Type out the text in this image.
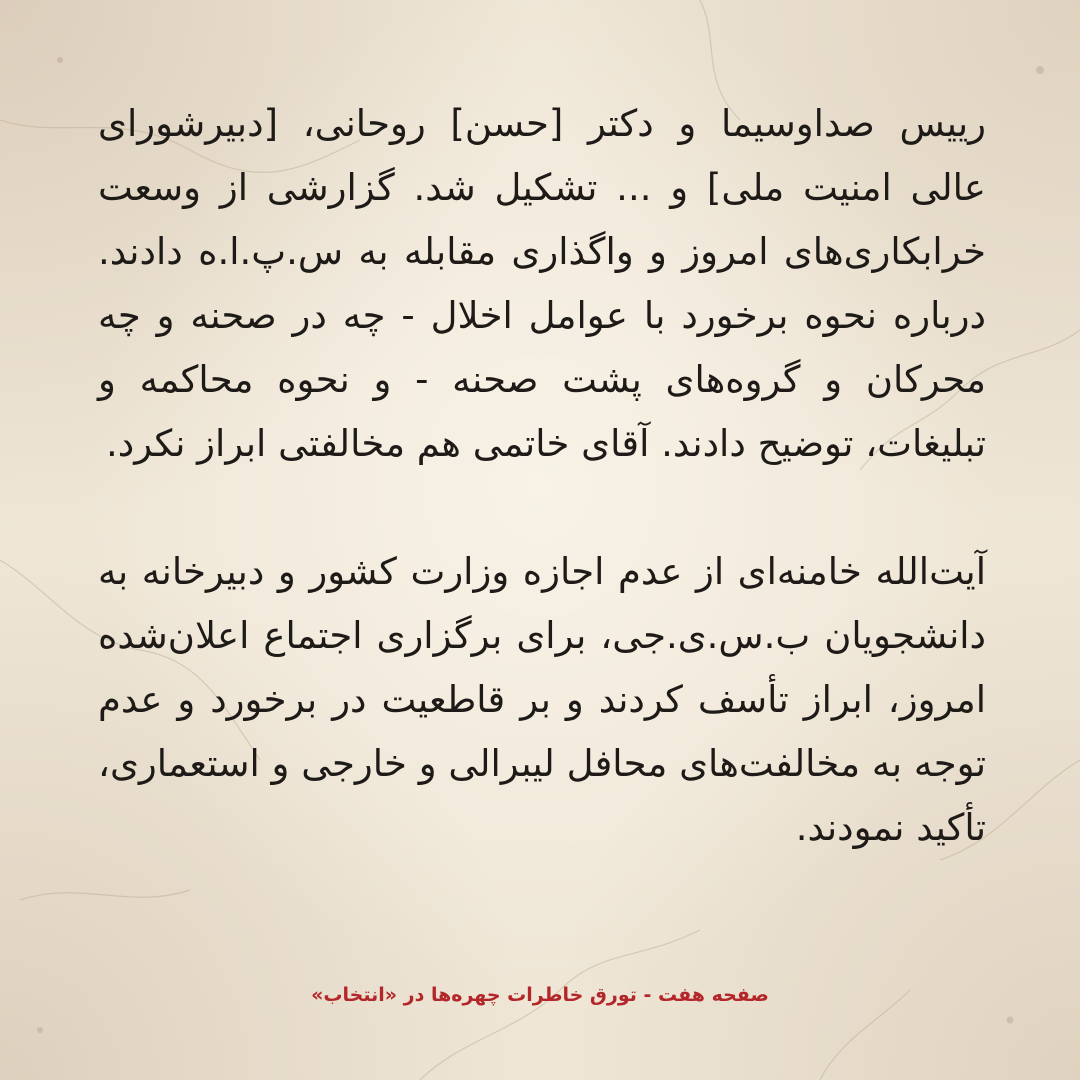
رییس صداوسیما و دکتر [حسن] روحانی، [دبیرشورای عالی امنیت ملی] و ... تشکیل شد. گزارشی از وسعت خرابکاری‌های امروز و واگذاری مقابله به س.پ.ا.ه دادند. درباره نحوه برخورد با عوامل اخلال - چه در صحنه و چه محرکان و گروه‌های پشت صحنه - و نحوه محاکمه و تبلیغات، توضیح دادند. آقای خاتمی هم مخالفتی ابراز نکرد.

آیت‌الله خامنه‌ای از عدم اجازه وزارت کشور و دبیرخانه به دانشجویان ب.س.ی.جی، برای برگزاری اجتماع اعلان‌شده امروز، ابراز تأسف کردند و بر قاطعیت در برخورد و عدم توجه به مخالفت‌های محافل لیبرالی و خارجی و استعماری، تأکید نمودند.

صفحه هفت - تورق خاطرات چهره‌ها در «انتخاب»
